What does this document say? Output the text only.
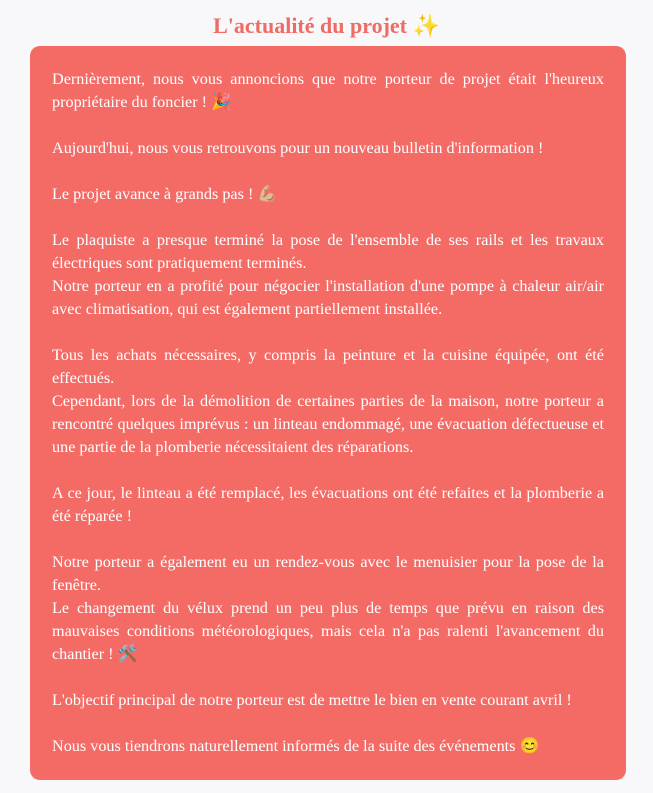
L'actualité du projet ✨

Dernièrement, nous vous annoncions que notre porteur de projet était l'heureux propriétaire du foncier ! 🎉

Aujourd'hui, nous vous retrouvons pour un nouveau bulletin d'information !

Le projet avance à grands pas ! 💪🏼

Le plaquiste a presque terminé la pose de l'ensemble de ses rails et les travaux électriques sont pratiquement terminés.
Notre porteur en a profité pour négocier l'installation d'une pompe à chaleur air/air avec climatisation, qui est également partiellement installée.

Tous les achats nécessaires, y compris la peinture et la cuisine équipée, ont été effectués.
Cependant, lors de la démolition de certaines parties de la maison, notre porteur a rencontré quelques imprévus : un linteau endommagé, une évacuation défectueuse et une partie de la plomberie nécessitaient des réparations.

A ce jour, le linteau a été remplacé, les évacuations ont été refaites et la plomberie a été réparée !

Notre porteur a également eu un rendez-vous avec le menuisier pour la pose de la fenêtre.
Le changement du vélux prend un peu plus de temps que prévu en raison des mauvaises conditions météorologiques, mais cela n'a pas ralenti l'avancement du chantier ! 🛠️

L'objectif principal de notre porteur est de mettre le bien en vente courant avril !

Nous vous tiendrons naturellement informés de la suite des événements 😊
